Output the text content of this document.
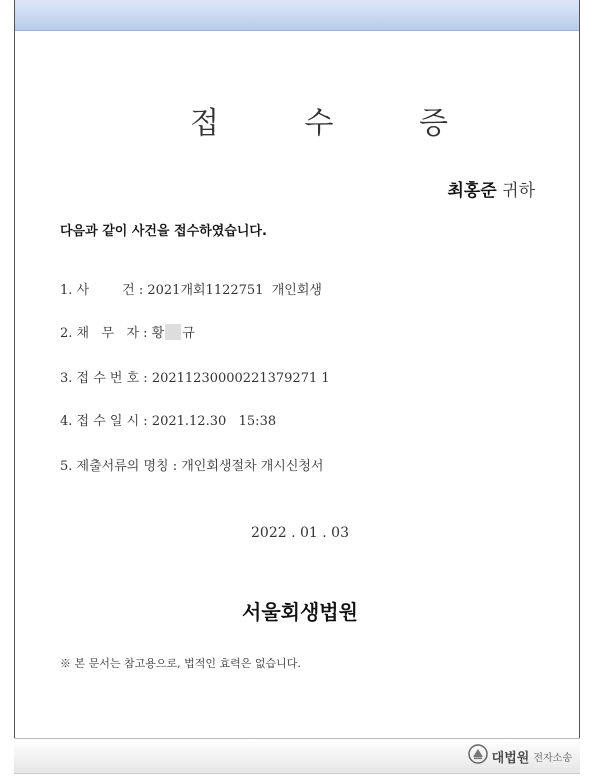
접 수 증
최홍준 귀하
다음과 같이 사건을 접수하였습니다.
1. 사        건 : 2021개회1122751  개인회생
2. 채   무   자 : 황 규
3. 접 수 번 호 : 20211230000221379271 1
4. 접 수 일 시 : 2021.12.30   15:38
5. 제출서류의 명칭 : 개인회생절차 개시신청서
2022 . 01 . 03
서울회생법원
※ 본 문서는 참고용으로, 법적인 효력은 없습니다.
대법원 전자소송
